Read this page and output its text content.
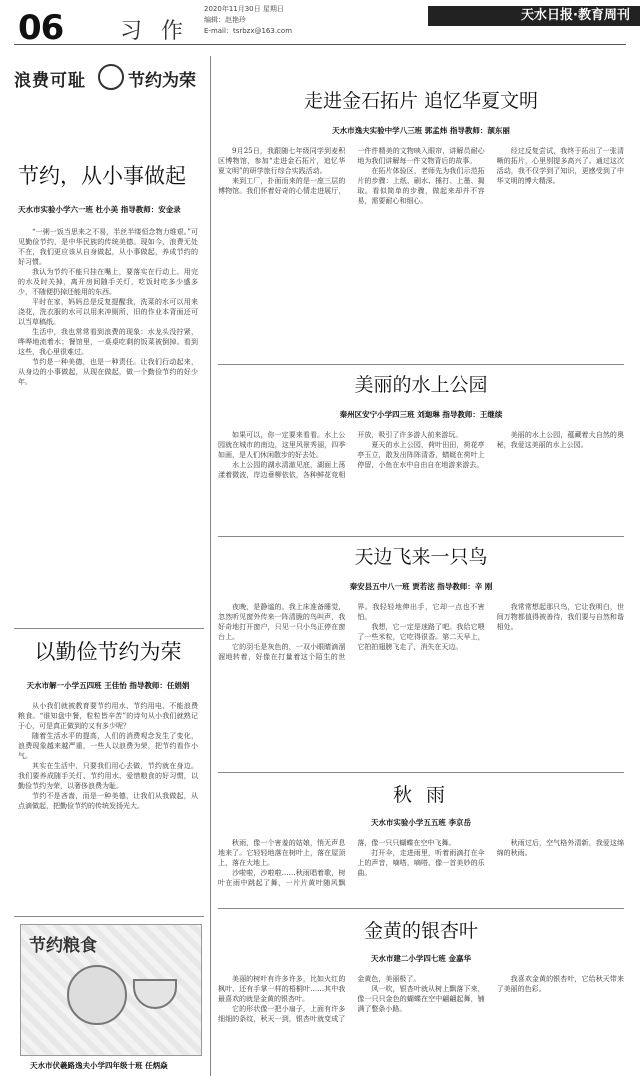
06	习 作
2020年11月30日 星期日
编辑：赵艳玲
E-mail：tsrbzx@163.com
天水日报·教育周刊
浪费可耻 节约为荣
节约，从小事做起
天水市实验小学六一班 杜小美 指导教师：安金录

“一粥一饭当思来之不易，半丝半缕恒念物力维艰。”可见勤俭节约，是中华民族的传统美德。现如今，浪费无处不在，我们更应该从自身做起，从小事做起，养成节约的好习惯。

我认为节约不能只挂在嘴上，要落实在行动上。用完的水及时关掉，离开房间随手关灯，吃饭时吃多少盛多少，不随便扔掉还能用的东西。

平时在家，妈妈总是反复提醒我，洗菜的水可以用来浇花，洗衣服的水可以用来冲厕所，旧的作业本背面还可以当草稿纸。

生活中，我也常常看到浪费的现象：水龙头没拧紧，哗哗地流着水；餐馆里，一桌桌吃剩的饭菜被倒掉。看到这些，我心里很难过。

节约是一种美德，也是一种责任。让我们行动起来，从身边的小事做起，从现在做起，做一个勤俭节约的好少年。

以勤俭节约为荣
天水市解一小学五四班 王佳怡 指导教师：任娟娟

从小我们就被教育要节约用水、节约用电、不能浪费粮食。“谁知盘中餐，粒粒皆辛苦”的诗句从小我们就熟记于心，可是真正做到的又有多少呢？

随着生活水平的提高，人们的消费观念发生了变化，浪费现象越来越严重，一些人以浪费为荣，把节约看作小气。

其实在生活中，只要我们用心去做，节约就在身边。我们要养成随手关灯、节约用水、爱惜粮食的好习惯，以勤俭节约为荣，以奢侈浪费为耻。

节约不是吝啬，而是一种美德，让我们从我做起，从点滴做起，把勤俭节约的传统发扬光大。

节约粮食
天水市伏羲路逸夫小学四年级十班 任炳焱
走进金石拓片 追忆华夏文明
天水市逸夫实验中学八三班 郭孟炜 指导教师：颉东丽

9月25日，我跟随七年级同学到麦积区博物馆，参加“走进金石拓片，追忆华夏文明”的研学旅行综合实践活动。

来到工厂，扑面而来的是一座三层的博物馆。我们怀着好奇的心情走进展厅，一件件精美的文物映入眼帘，讲解员耐心地为我们讲解每一件文物背后的故事。

在拓片体验区，老师先为我们示范拓片的步骤：上纸、刷水、捶打、上墨、揭取。看似简单的步骤，做起来却并不容易，需要耐心和细心。

经过反复尝试，我终于拓出了一张清晰的拓片，心里别提多高兴了。通过这次活动，我不仅学到了知识，更感受到了中华文明的博大精深。

美丽的水上公园
秦州区安宁小学四三班 刘迦琳 指导教师：王继续

如果可以，你一定要来看看。水上公园就在城市的南边，这里风景秀丽，四季如画，是人们休闲散步的好去处。

水上公园的湖水清澈见底，湖面上荡漾着微波，岸边垂柳依依，各种鲜花竞相开放，吸引了许多游人前来游玩。

夏天的水上公园，荷叶田田，荷花亭亭玉立，散发出阵阵清香，蜻蜓在荷叶上停留，小鱼在水中自由自在地游来游去。

美丽的水上公园，蕴藏着大自然的奥秘，我爱这美丽的水上公园。

天边飞来一只鸟
秦安县五中八一班 贾若泫 指导教师：辛 刚

夜晚，是静谧的。我上床准备睡觉，忽然听见窗外传来一阵清脆的鸟叫声，我好奇地打开窗户，只见一只小鸟正停在窗台上。

它的羽毛是灰色的，一双小眼睛滴溜溜地转着，好像在打量着这个陌生的世界。我轻轻地伸出手，它却一点也不害怕。

我想，它一定是迷路了吧。我给它喂了一些米粒，它吃得很香。第二天早上，它拍拍翅膀飞走了，消失在天边。

我常常想起那只鸟，它让我明白，世间万物都值得被善待，我们要与自然和谐相处。

秋 雨
天水市实验小学五五班 李京岳

秋雨，像一个害羞的姑娘，悄无声息地来了。它轻轻地落在树叶上，落在屋顶上，落在大地上。

沙啦啦，沙啦啦……秋雨唱着歌，树叶在雨中跳起了舞，一片片黄叶随风飘落，像一只只蝴蝶在空中飞舞。

打开伞，走进雨里，听着雨滴打在伞上的声音，嘀嗒，嘀嗒，像一首美妙的乐曲。

秋雨过后，空气格外清新，我爱这绵绵的秋雨。

金黄的银杏叶
天水市建二小学四七班 金嘉华

美丽的树叶有许多许多，比如火红的枫叶、还有手掌一样的梧桐叶……其中我最喜欢的就是金黄的银杏叶。

它的形状像一把小扇子，上面有许多细细的条纹，秋天一到，银杏叶就变成了金黄色，美丽极了。

风一吹，银杏叶就从树上飘落下来，像一只只金色的蝴蝶在空中翩翩起舞，铺满了整条小路。

我喜欢金黄的银杏叶，它给秋天带来了美丽的色彩。
